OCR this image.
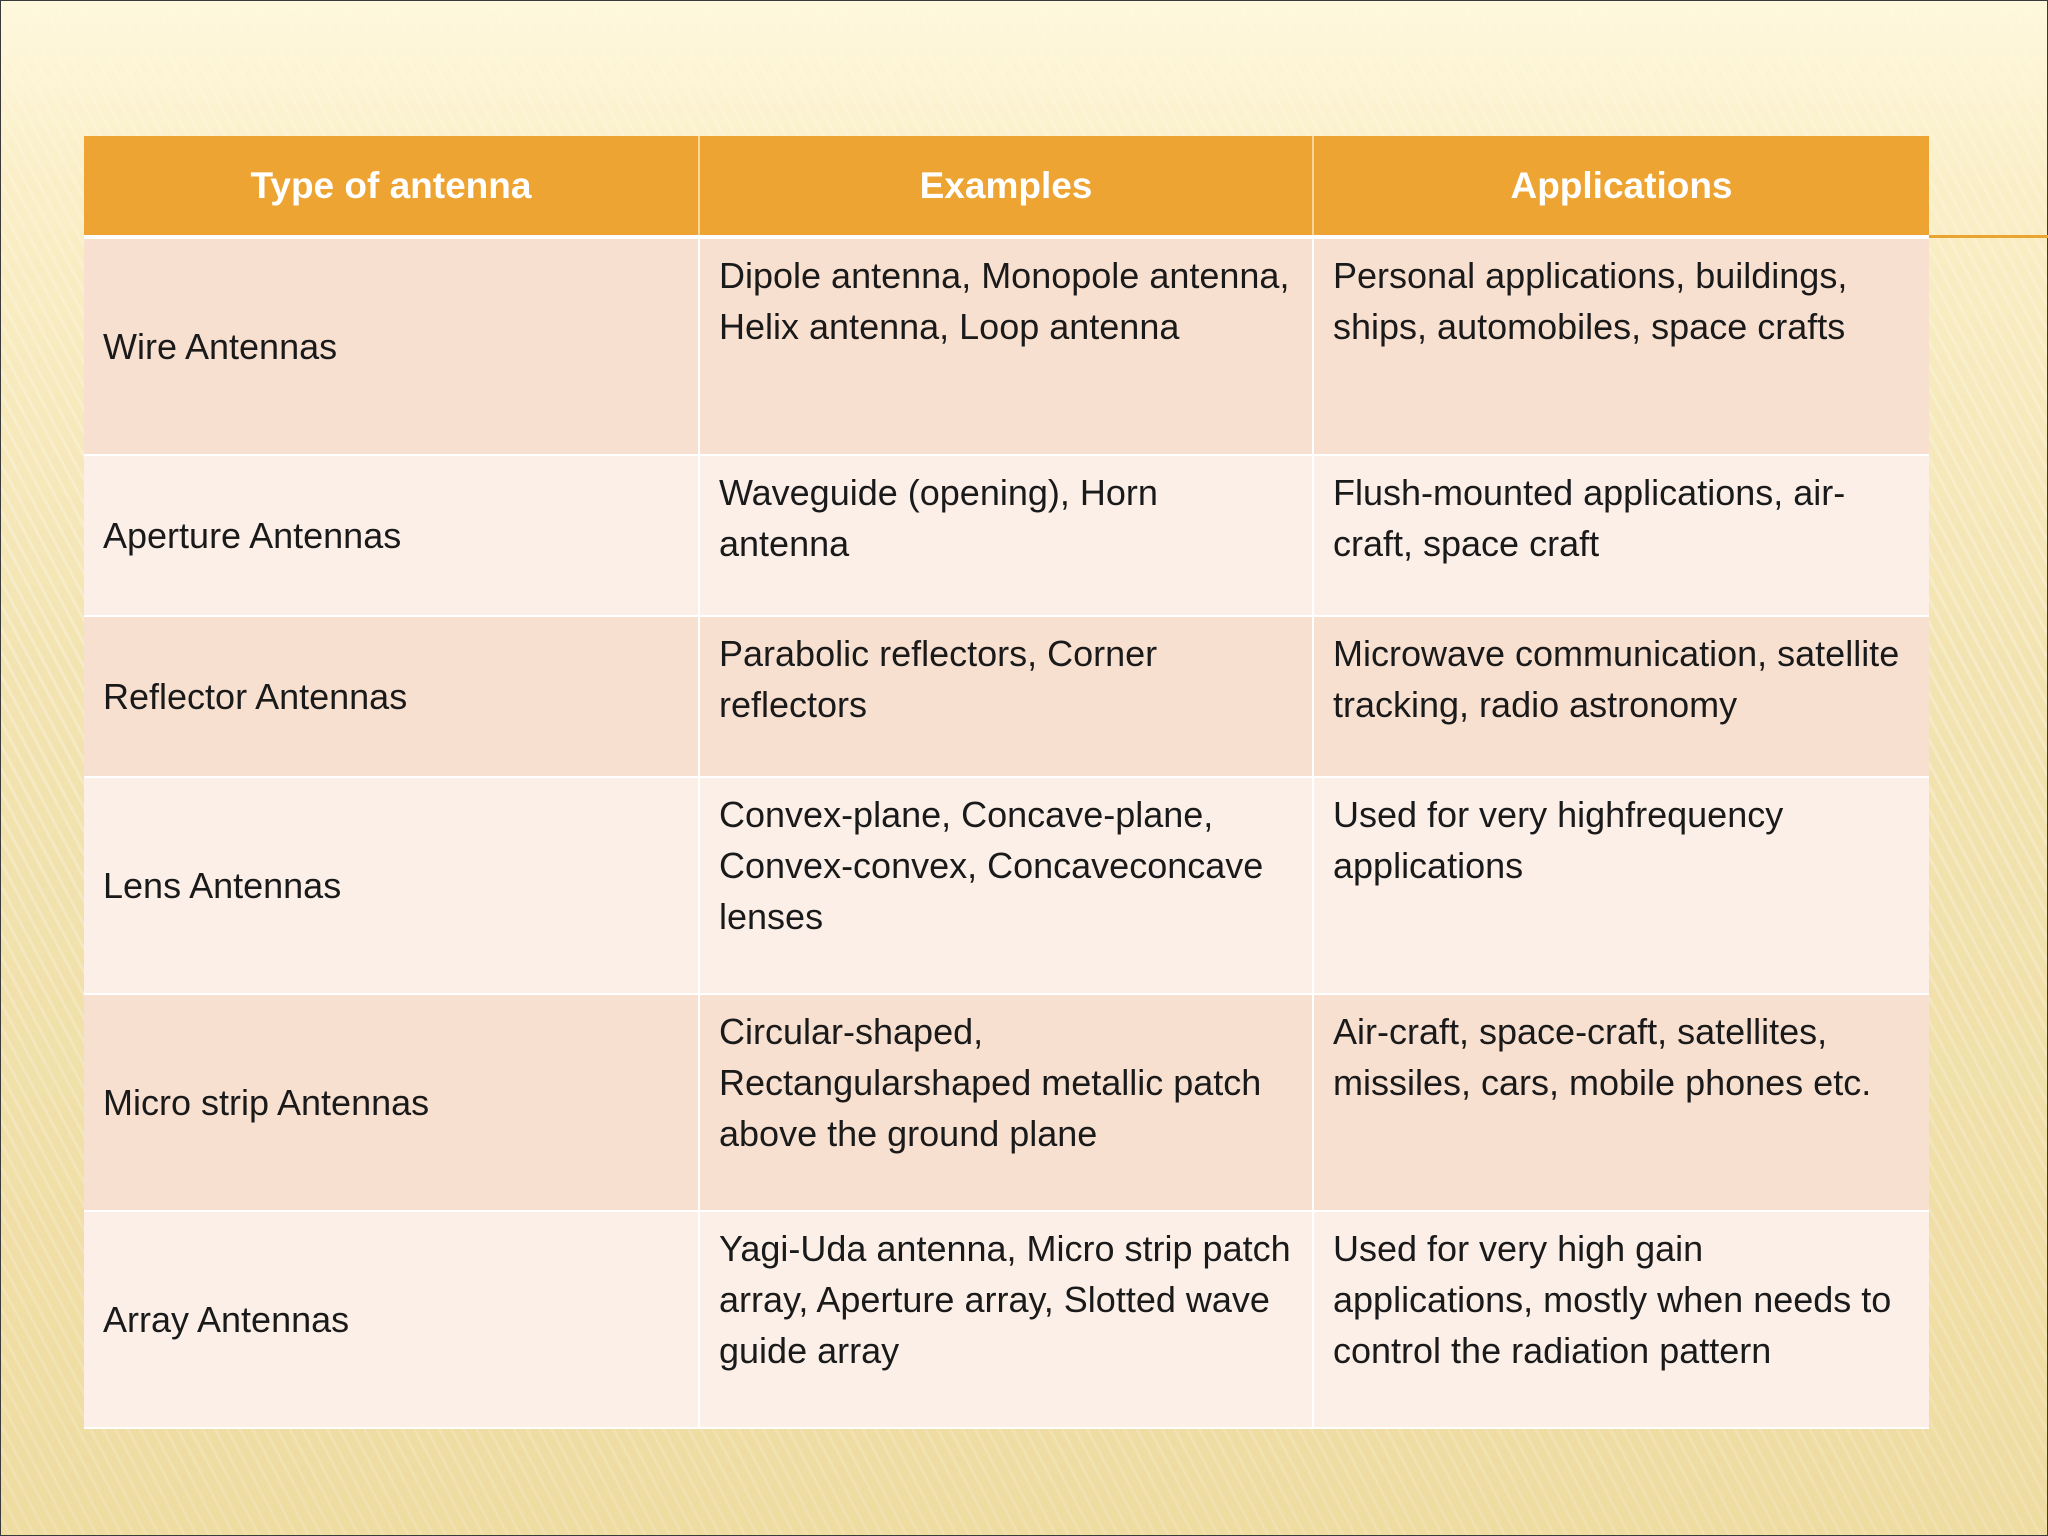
Type of antenna	Examples	Applications
Wire Antennas	Dipole antenna, Monopole antenna, Helix antenna, Loop antenna	Personal applications, buildings, ships, automobiles, space crafts
Aperture Antennas	Waveguide (opening), Horn antenna	Flush-mounted applications, air-craft, space craft
Reflector Antennas	Parabolic reflectors, Corner reflectors	Microwave communication, satellite tracking, radio astronomy
Lens Antennas	Convex-plane, Concave-plane, Convex-convex, Concaveconcave lenses	Used for very highfrequency applications
Micro strip Antennas	Circular-shaped, Rectangularshaped metallic patch above the ground plane	Air-craft, space-craft, satellites, missiles, cars, mobile phones etc.
Array Antennas	Yagi-Uda antenna, Micro strip patch array, Aperture array, Slotted wave guide array	Used for very high gain applications, mostly when needs to control the radiation pattern
